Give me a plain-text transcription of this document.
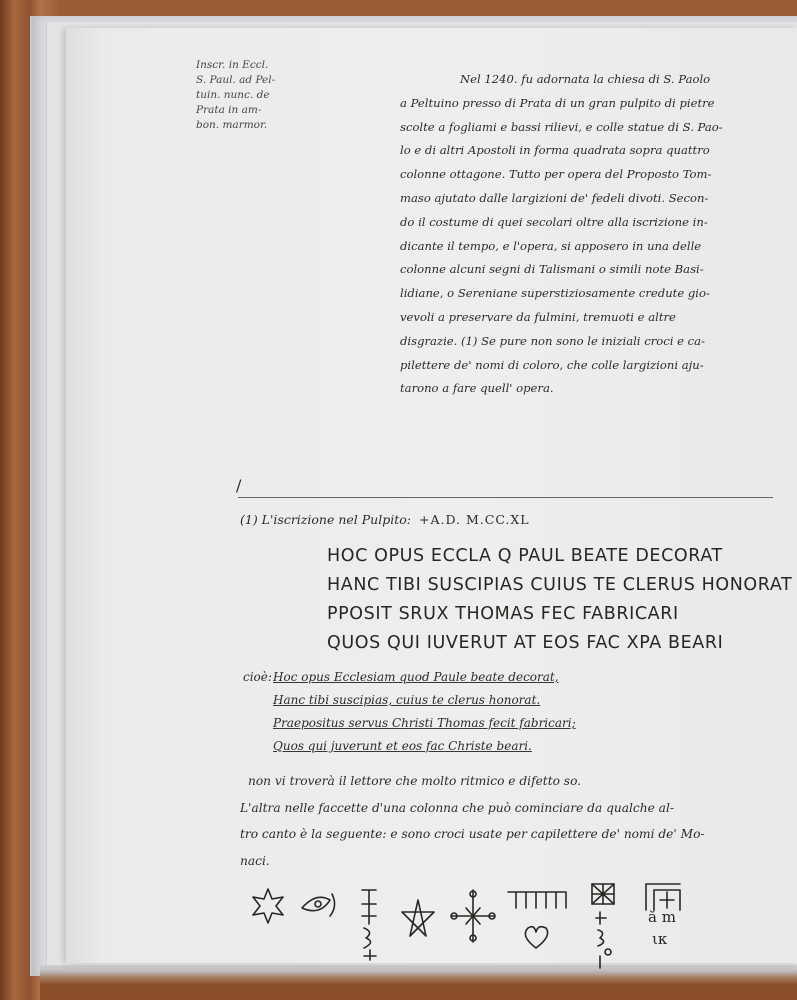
Inscr. in Eccl.
S. Paul. ad Pel-
tuin. nunc. de
Prata in am-
bon. marmor.
Nel 1240. fu adornata la chiesa di S. Paolo
a Peltuino presso di Prata di un gran pulpito di pietre
scolte a fogliami e bassi rilievi, e colle statue di S. Pao-
lo e di altri Apostoli in forma quadrata sopra quattro
colonne ottagone. Tutto per opera del Proposto Tom-
maso ajutato dalle largizioni de' fedeli divoti. Secon-
do il costume di quei secolari oltre alla iscrizione in-
dicante il tempo, e l'opera, si apposero in una delle
colonne alcuni segni di Talismani o simili note Basi-
lidiane, o Sereniane superstiziosamente credute gio-
vevoli a preservare da fulmini, tremuoti e altre
disgrazie. (1) Se pure non sono le iniziali croci e ca-
pilettere de' nomi di coloro, che colle largizioni aju-
tarono a fare quell' opera.
/
(1) L'iscrizione nel Pulpito: +A.D. M.CC.XL
HOC OPUS ECCLA Q PAUL BEATE DECORAT
HANC TIBI SUSCIPIAS CUIUS TE CLERUS HONORAT
PPOSIT SRUX THOMAS FEC FABRICARI
QUOS QUI IUVERUT AT EOS FAC XPA BEARI
cioè:Hoc opus Ecclesiam quod Paule beate decorat,
Hanc tibi suscipias, cuius te clerus honorat.
Praepositus servus Christi Thomas fecit fabricari;
Quos qui juverunt et eos fac Christe beari.
non vi troverà il lettore che molto ritmico e difetto so.
L'altra nelle faccette d'una colonna che può cominciare da qualche al-
tro canto è la seguente: e sono croci usate per capilettere de' nomi de' Mo-
naci.
ă m
ικ
